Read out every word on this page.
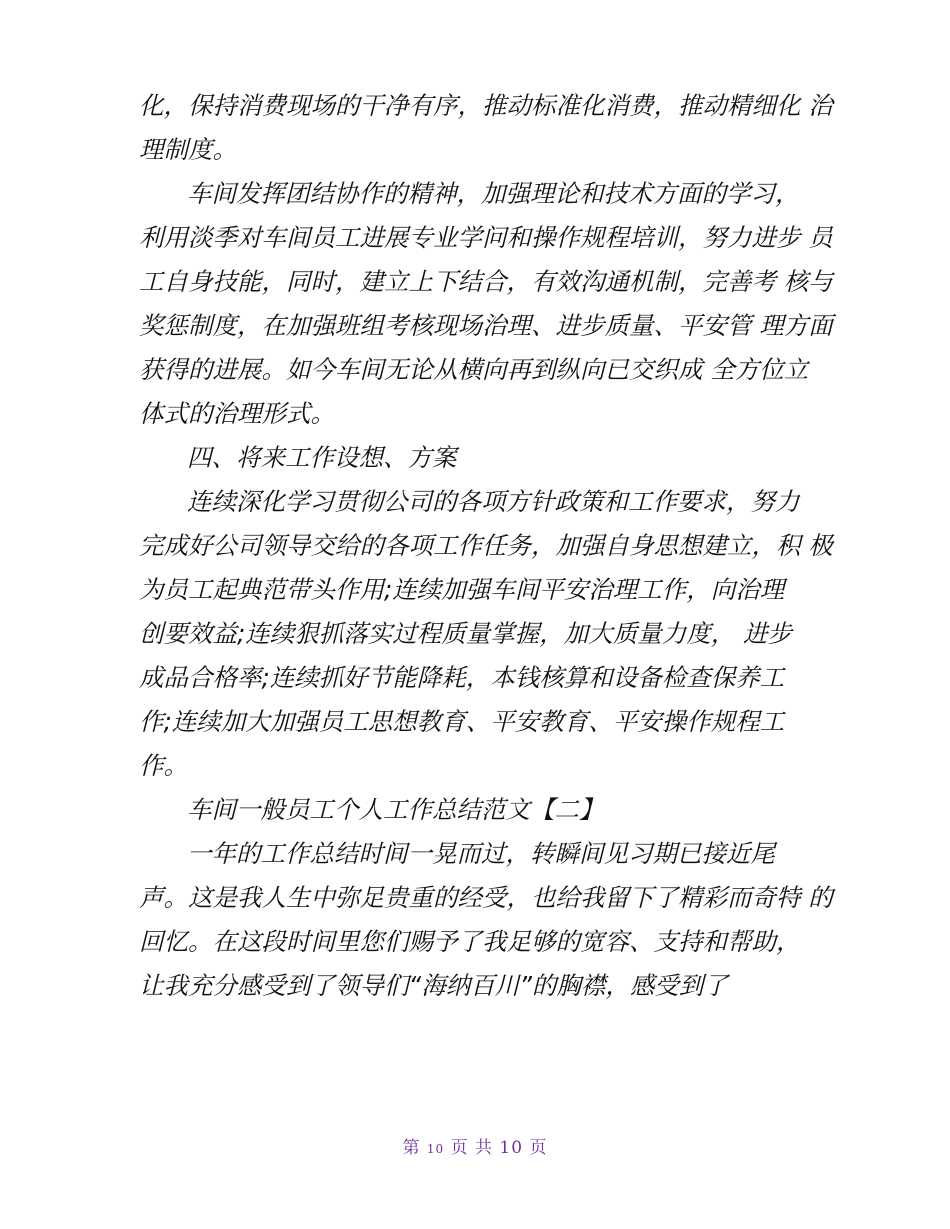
化，保持消费现场的干净有序，推动标准化消费，推动精细化 治

理制度。

车间发挥团结协作的精神，加强理论和技术方面的学习，

利用淡季对车间员工进展专业学问和操作规程培训，努力进步 员

工自身技能，同时，建立上下结合，有效沟通机制，完善考 核与

奖惩制度，在加强班组考核现场治理、进步质量、平安管 理方面

获得的进展。如今车间无论从横向再到纵向已交织成 全方位立

体式的治理形式。

四、将来工作设想、方案

连续深化学习贯彻公司的各项方针政策和工作要求，努力

完成好公司领导交给的各项工作任务，加强自身思想建立，积 极

为员工起典范带头作用;连续加强车间平安治理工作，向治理

创要效益;连续狠抓落实过程质量掌握，加大质量力度， 进步

成品合格率;连续抓好节能降耗，本钱核算和设备检查保养工

作;连续加大加强员工思想教育、平安教育、平安操作规程工

作。

车间一般员工个人工作总结范文【二】

一年的工作总结时间一晃而过，转瞬间见习期已接近尾

声。这是我人生中弥足贵重的经受，也给我留下了精彩而奇特 的

回忆。在这段时间里您们赐予了我足够的宽容、支持和帮助，

让我充分感受到了领导们“海纳百川”的胸襟，感受到了

第 10 页 共 10 页
